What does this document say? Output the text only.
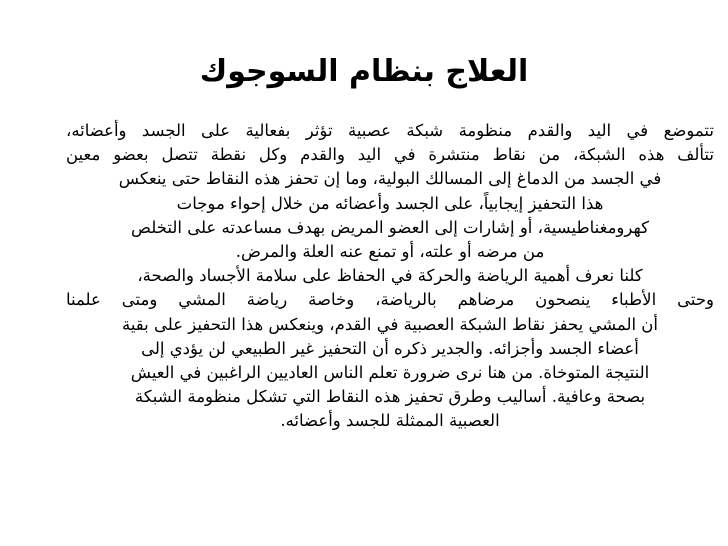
العلاج بنظام السوجوك
تتموضع في اليد والقدم منظومة شبكة عصبية تؤثر بفعالية على الجسد وأعضائه،
تتألف هذه الشبكة، من نقاط منتشرة في اليد والقدم وكل نقطة تتصل بعضو معين
في الجسد من الدماغ إلى المسالك البولية، وما إن تحفز هذه النقاط حتى ينعكس
هذا التحفيز إيجابياً، على الجسد وأعضائه من خلال إحواء موجات
كهرومغناطيسية، أو إشارات إلى العضو المريض بهدف مساعدته على التخلص
من مرضه أو علته، أو تمنع عنه العلة والمرض.
كلنا نعرف أهمية الرياضة والحركة في الحفاظ على سلامة الأجساد والصحة،
وحتى الأطباء ينصحون مرضاهم بالرياضة، وخاصة رياضة المشي ومتى علمنا
أن المشي يحفز نقاط الشبكة العصبية في القدم، وينعكس هذا التحفيز على بقية
أعضاء الجسد وأجزائه. والجدير ذكره أن التحفيز غير الطبيعي لن يؤدي إلى
النتيجة المتوخاة. من هنا نرى ضرورة تعلم الناس العاديين الراغبين في العيش
بصحة وعافية. أساليب وطرق تحفيز هذه النقاط التي تشكل منظومة الشبكة
العصبية الممثلة للجسد وأعضائه.
